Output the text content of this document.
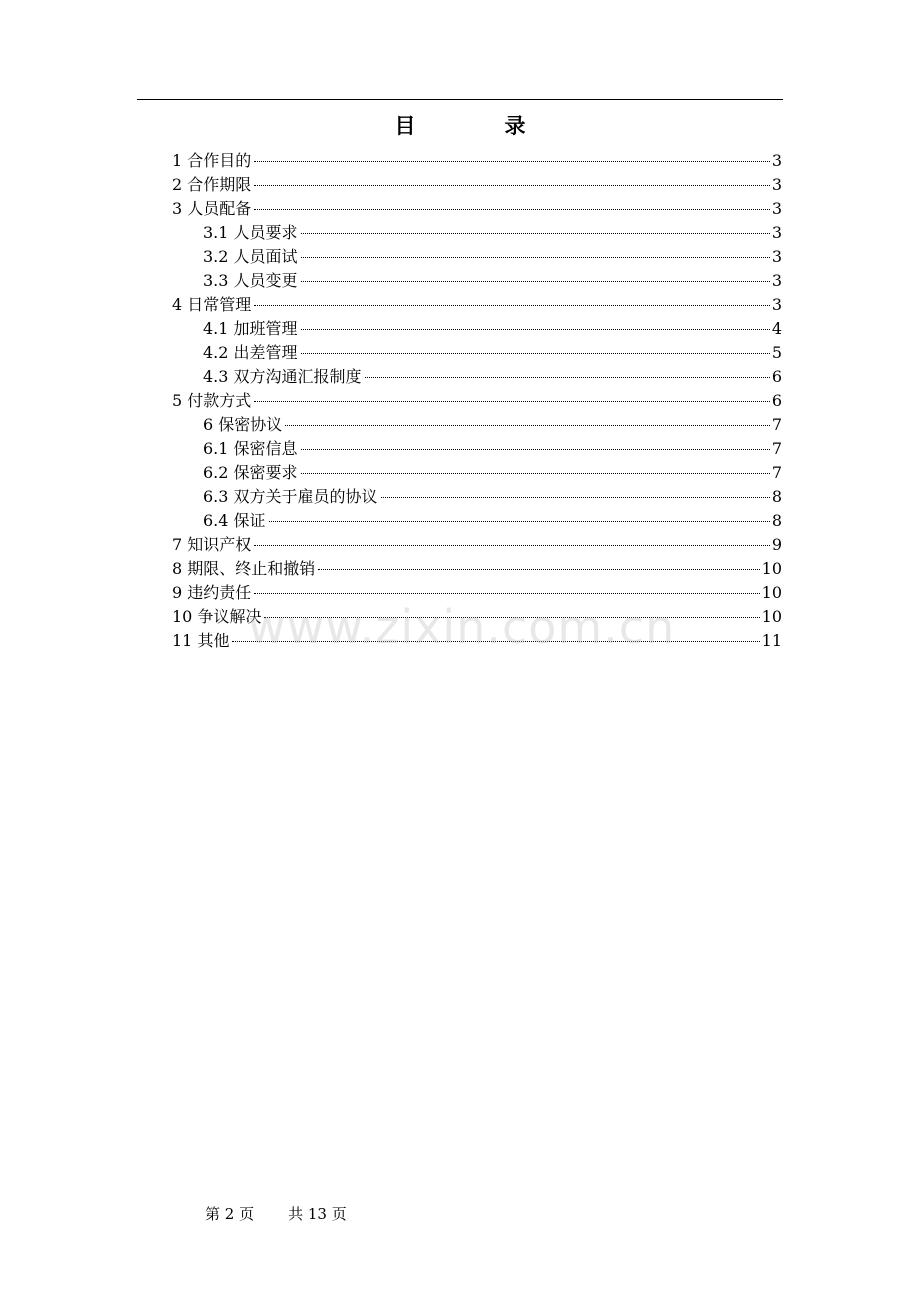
目　录
1 合作目的	3
2 合作期限	3
3 人员配备	3
3.1 人员要求	3
3.2 人员面试	3
3.3 人员变更	3
4 日常管理	3
4.1 加班管理	4
4.2 出差管理	5
4.3 双方沟通汇报制度	6
5 付款方式	6
6 保密协议	7
6.1 保密信息	7
6.2 保密要求	7
6.3 双方关于雇员的协议	8
6.4 保证	8
7 知识产权	9
8 期限、终止和撤销	10
9 违约责任	10
10 争议解决	10
11 其他	11
www.zixin.com.cn
第 2 页 共 13 页
